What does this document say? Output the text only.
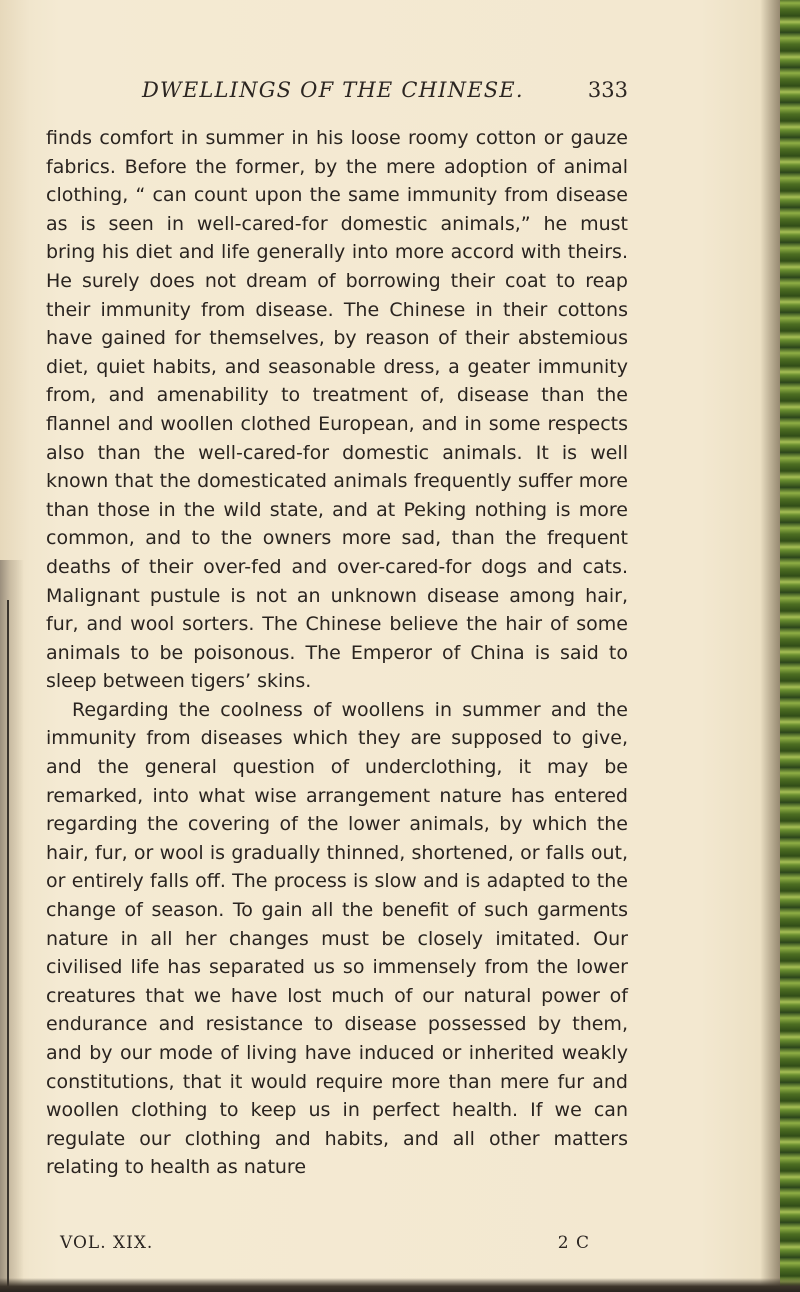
DWELLINGS OF THE CHINESE.	333

finds comfort in summer in his loose roomy cotton or gauze fabrics. Before the former, by the mere adoption of animal clothing, “ can count upon the same immunity from disease as is seen in well-cared-for domestic animals,” he must bring his diet and life generally into more accord with theirs. He surely does not dream of borrowing their coat to reap their immunity from disease. The Chinese in their cottons have gained for themselves, by reason of their abstemious diet, quiet habits, and seasonable dress, a geater immunity from, and amenability to treatment of, disease than the flannel and woollen clothed European, and in some respects also than the well-cared-for domestic animals. It is well known that the domesticated animals frequently suffer more than those in the wild state, and at Peking nothing is more common, and to the owners more sad, than the frequent deaths of their over-fed and over-cared-for dogs and cats. Malignant pustule is not an unknown disease among hair, fur, and wool sorters. The Chinese believe the hair of some animals to be poisonous. The Emperor of China is said to sleep between tigers’ skins.

Regarding the coolness of woollens in summer and the immunity from diseases which they are supposed to give, and the general question of underclothing, it may be remarked, into what wise arrangement nature has entered regarding the covering of the lower animals, by which the hair, fur, or wool is gradually thinned, shortened, or falls out, or entirely falls off. The process is slow and is adapted to the change of season. To gain all the benefit of such garments nature in all her changes must be closely imitated. Our civilised life has separated us so immensely from the lower creatures that we have lost much of our natural power of endurance and resistance to disease possessed by them, and by our mode of living have induced or inherited weakly constitutions, that it would require more than mere fur and woollen clothing to keep us in perfect health. If we can regulate our clothing and habits, and all other matters relating to health as nature

VOL. XIX.	2 C
